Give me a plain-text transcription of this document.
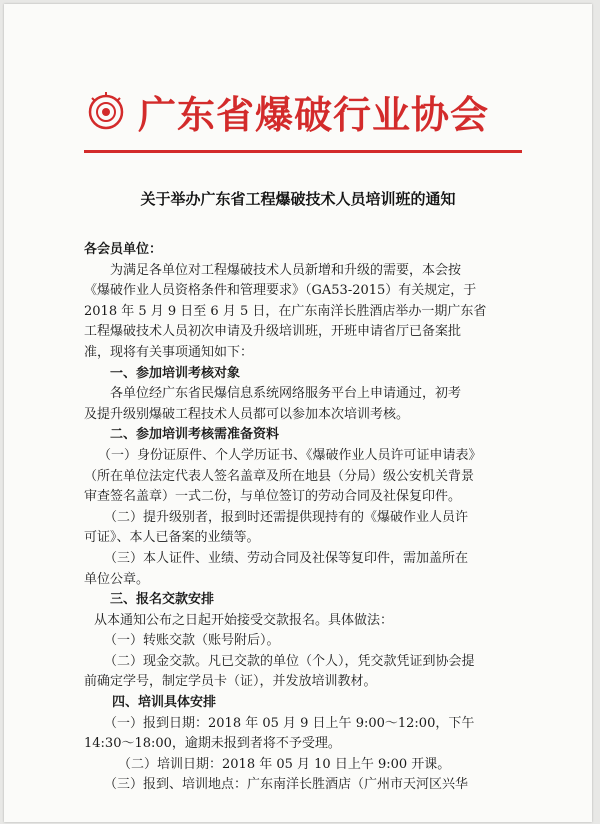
广东省爆破行业协会
关于举办广东省工程爆破技术人员培训班的通知
各会员单位：
为满足各单位对工程爆破技术人员新增和升级的需要，本会按
《爆破作业人员资格条件和管理要求》（GA53-2015）有关规定，于
2018 年 5 月 9 日至 6 月 5 日，在广东南洋长胜酒店举办一期广东省
工程爆破技术人员初次申请及升级培训班，开班申请省厅已备案批
准，现将有关事项通知如下：
一、参加培训考核对象
各单位经广东省民爆信息系统网络服务平台上申请通过，初考
及提升级别爆破工程技术人员都可以参加本次培训考核。
二、参加培训考核需准备资料
（一）身份证原件、个人学历证书、《爆破作业人员许可证申请表》
（所在单位法定代表人签名盖章及所在地县（分局）级公安机关背景
审查签名盖章）一式二份，与单位签订的劳动合同及社保复印件。
（二）提升级别者，报到时还需提供现持有的《爆破作业人员许
可证》、本人已备案的业绩等。
（三）本人证件、业绩、劳动合同及社保等复印件，需加盖所在
单位公章。
三、报名交款安排
从本通知公布之日起开始接受交款报名。具体做法：
（一）转账交款（账号附后）。
（二）现金交款。凡已交款的单位（个人），凭交款凭证到协会提
前确定学号，制定学员卡（证），并发放培训教材。
四、培训具体安排
（一）报到日期：2018 年 05 月 9 日上午 9:00～12:00，下午
14:30～18:00，逾期未报到者将不予受理。
（二）培训日期：2018 年 05 月 10 日上午 9:00 开课。
（三）报到、培训地点：广东南洋长胜酒店（广州市天河区兴华
